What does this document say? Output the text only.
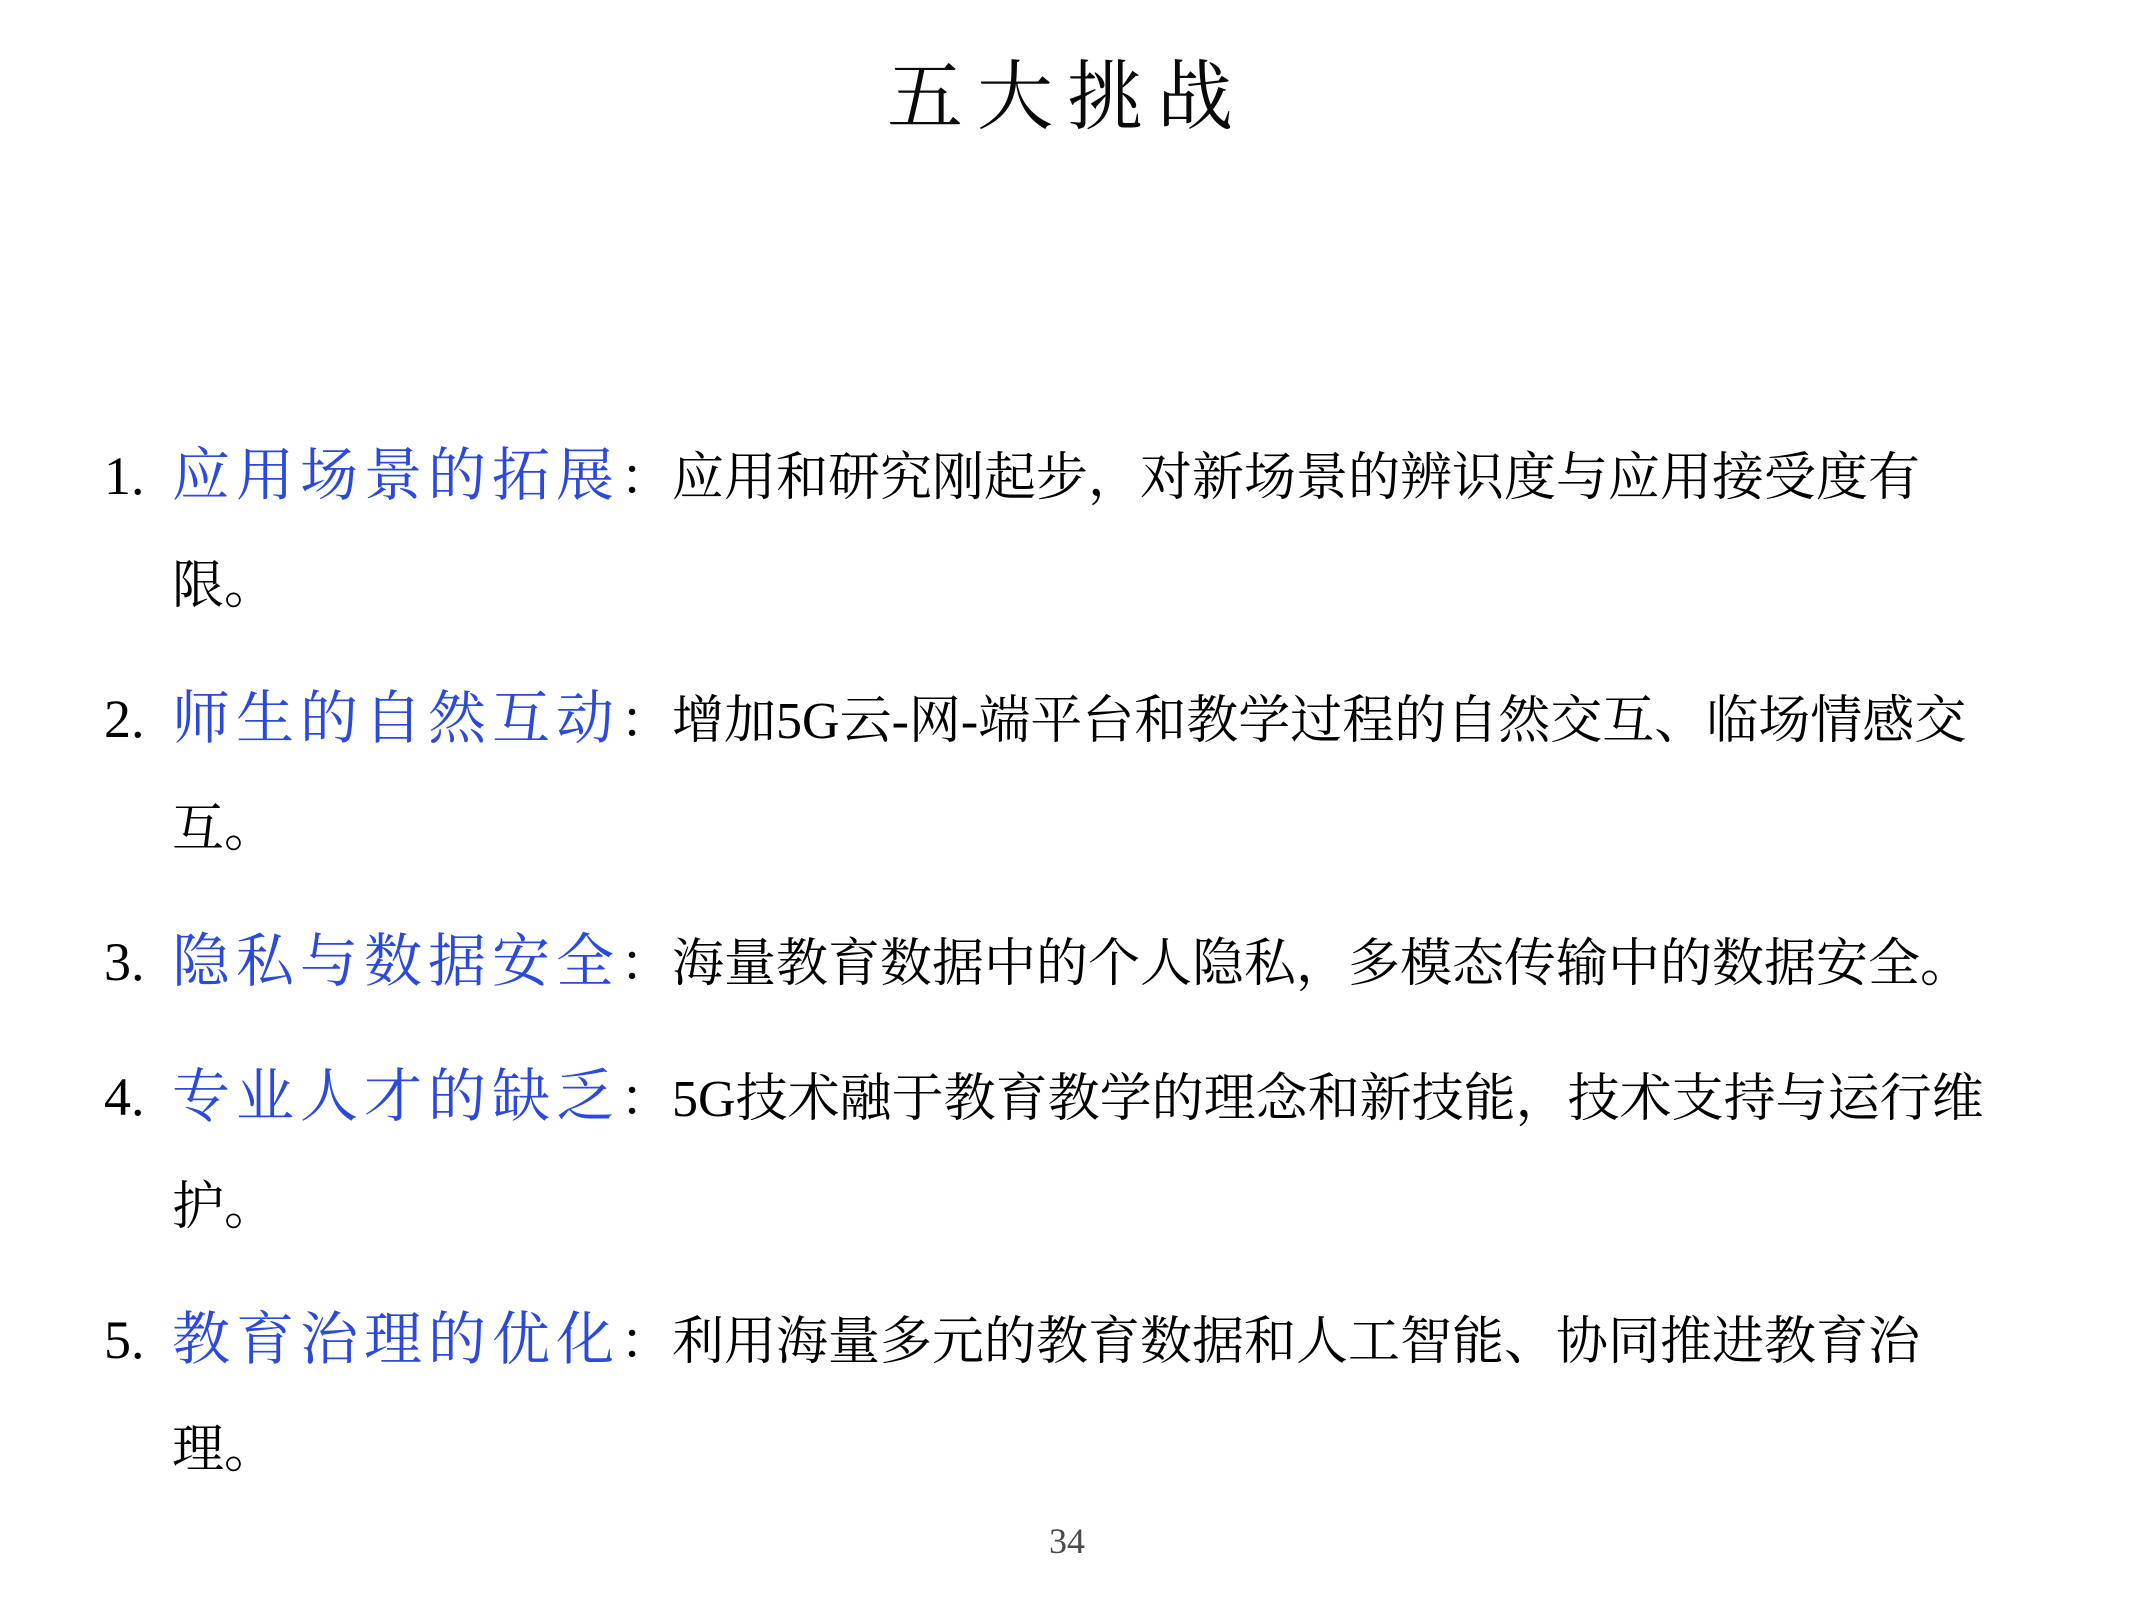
五大挑战
1. 应用场景的拓展：应用和研究刚起步，对新场景的辨识度与应用接受度有限。
2. 师生的自然互动：增加5G云-网-端平台和教学过程的自然交互、临场情感交互。
3. 隐私与数据安全：海量教育数据中的个人隐私，多模态传输中的数据安全。
4. 专业人才的缺乏：5G技术融于教育教学的理念和新技能，技术支持与运行维护。
5. 教育治理的优化：利用海量多元的教育数据和人工智能、协同推进教育治理。
34
